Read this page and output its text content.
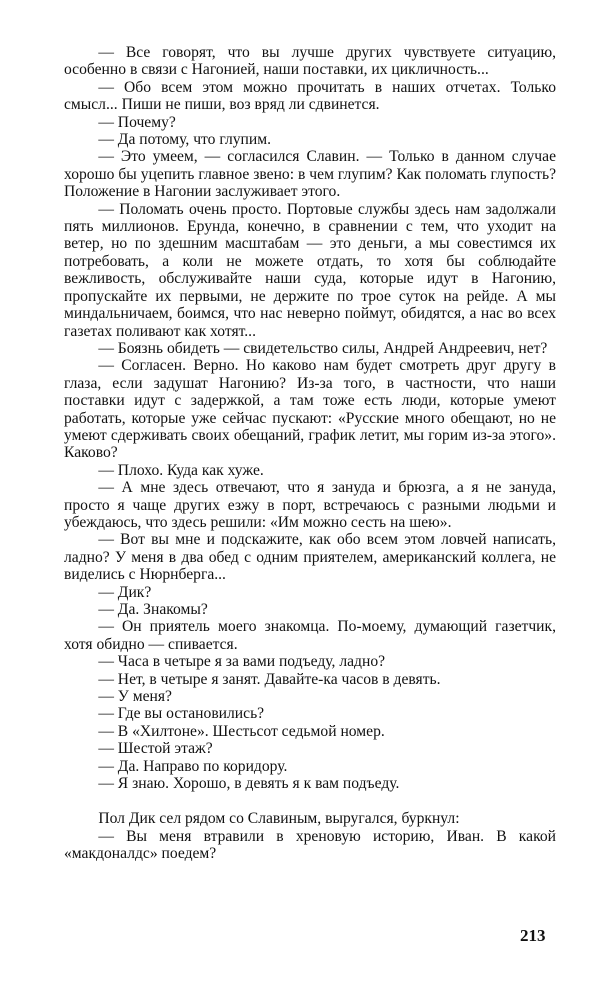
— Все говорят, что вы лучше других чувствуете ситуацию, особенно в связи с Нагонией, наши поставки, их цикличность...

— Обо всем этом можно прочитать в наших отчетах. Только смысл... Пиши не пиши, воз вряд ли сдвинется.

— Почему?

— Да потому, что глупим.

— Это умеем, — согласился Славин. — Только в данном случае хорошо бы уцепить главное звено: в чем глупим? Как поломать глупость? Положение в Нагонии заслуживает этого.

— Поломать очень просто. Портовые службы здесь нам задолжали пять миллионов. Ерунда, конечно, в сравнении с тем, что уходит на ветер, но по здешним масштабам — это деньги, а мы совестимся их потребовать, а коли не можете отдать, то хотя бы соблюдайте вежливость, обслуживайте наши суда, которые идут в Нагонию, пропускайте их первыми, не держите по трое суток на рейде. А мы миндальничаем, боимся, что нас неверно поймут, обидятся, а нас во всех газетах поливают как хотят...

— Боязнь обидеть — свидетельство силы, Андрей Андреевич, нет?

— Согласен. Верно. Но каково нам будет смотреть друг другу в глаза, если задушат Нагонию? Из-за того, в частности, что наши поставки идут с задержкой, а там тоже есть люди, которые умеют работать, которые уже сейчас пускают: «Русские много обещают, но не умеют сдерживать своих обещаний, график летит, мы горим из-за этого». Каково?

— Плохо. Куда как хуже.

— А мне здесь отвечают, что я зануда и брюзга, а я не зануда, просто я чаще других езжу в порт, встречаюсь с разными людьми и убеждаюсь, что здесь решили: «Им можно сесть на шею».

— Вот вы мне и подскажите, как обо всем этом ловчей написать, ладно? У меня в два обед с одним приятелем, американский коллега, не виделись с Нюрнберга...

— Дик?

— Да. Знакомы?

— Он приятель моего знакомца. По-моему, думающий газетчик, хотя обидно — спивается.

— Часа в четыре я за вами подъеду, ладно?

— Нет, в четыре я занят. Давайте-ка часов в девять.

— У меня?

— Где вы остановились?

— В «Хилтоне». Шестьсот седьмой номер.

— Шестой этаж?

— Да. Направо по коридору.

— Я знаю. Хорошо, в девять я к вам подъеду.

Пол Дик сел рядом со Славиным, выругался, буркнул:

— Вы меня втравили в хреновую историю, Иван. В какой «макдоналдс» поедем?

213
